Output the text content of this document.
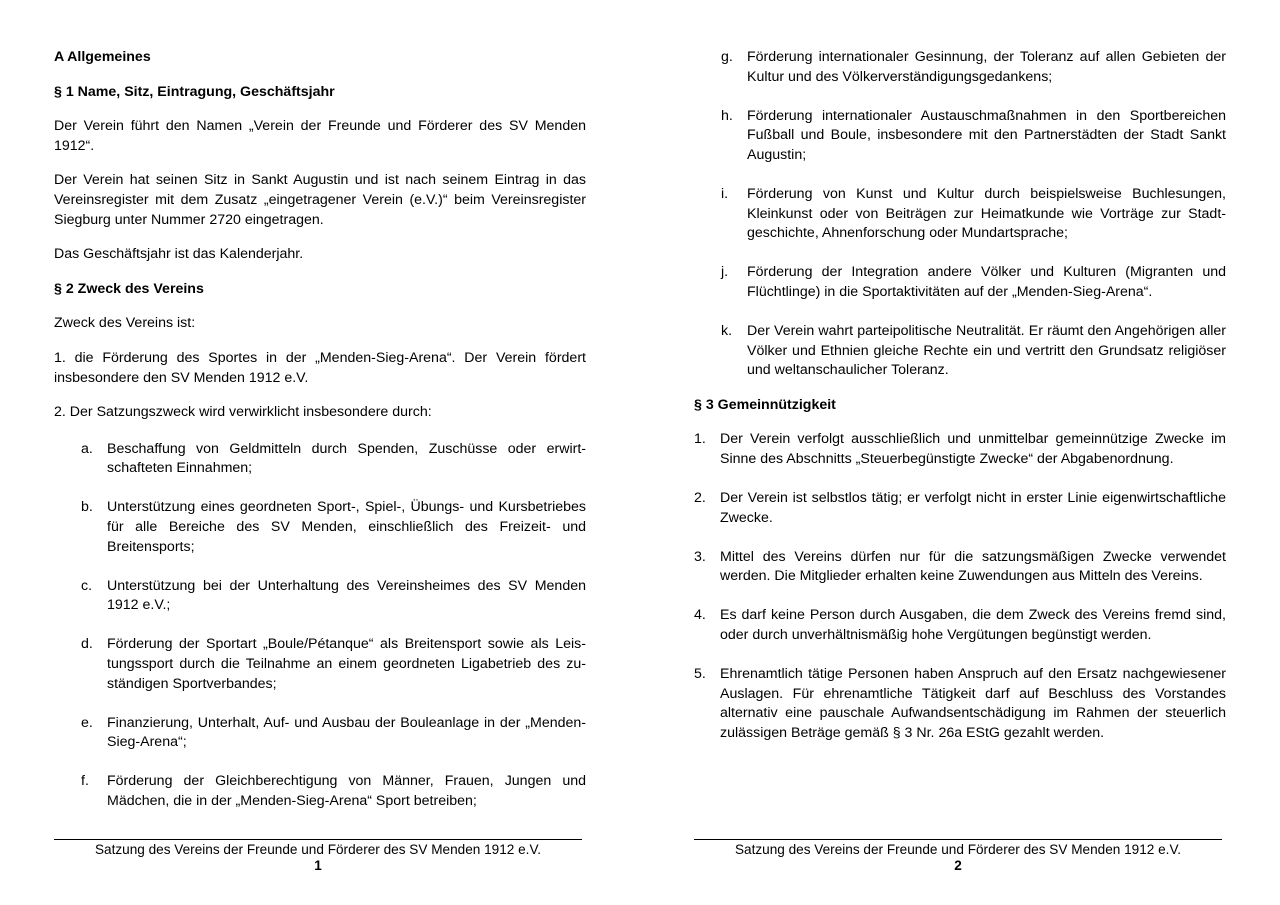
A Allgemeines
§ 1 Name, Sitz, Eintragung, Geschäftsjahr

Der Verein führt den Namen „Verein der Freunde und Förderer des SV Menden 1912“.

Der Verein hat seinen Sitz in Sankt Augustin und ist nach seinem Eintrag in das Vereinsregister mit dem Zusatz „eingetragener Verein (e.V.)“ beim Vereinsregister Siegburg unter Nummer 2720 eingetragen.

Das Geschäftsjahr ist das Kalenderjahr.

§ 2 Zweck des Vereins

Zweck des Vereins ist:

1. die Förderung des Sportes in der „Menden-Sieg-Arena“. Der Verein fördert insbesondere den SV Menden 1912 e.V.

2. Der Satzungszweck wird verwirklicht insbesondere durch:

a. Beschaffung von Geldmitteln durch Spenden, Zuschüsse oder erwirtschafteten Einnahmen;
b. Unterstützung eines geordneten Sport-, Spiel-, Übungs- und Kursbetriebes für alle Bereiche des SV Menden, einschließlich des Freizeit- und Breitensports;
c. Unterstützung bei der Unterhaltung des Vereinsheimes des SV Menden 1912 e.V.;
d. Förderung der Sportart „Boule/Pétanque“ als Breitensport sowie als Leistungssport durch die Teilnahme an einem geordneten Ligabetrieb des zuständigen Sportverbandes;
e. Finanzierung, Unterhalt, Auf- und Ausbau der Bouleanlage in der „Menden-Sieg-Arena“;
f. Förderung der Gleichberechtigung von Männer, Frauen, Jungen und Mädchen, die in der „Menden-Sieg-Arena“ Sport betreiben;
Satzung des Vereins der Freunde und Förderer des SV Menden 1912 e.V.
1
g. Förderung internationaler Gesinnung, der Toleranz auf allen Gebieten der Kultur und des Völkerverständigungsgedankens;
h. Förderung internationaler Austauschmaßnahmen in den Sportbereichen Fußball und Boule, insbesondere mit den Partnerstädten der Stadt Sankt Augustin;
i. Förderung von Kunst und Kultur durch beispielsweise Buchlesungen, Kleinkunst oder von Beiträgen zur Heimatkunde wie Vorträge zur Stadtgeschichte, Ahnenforschung oder Mundartsprache;
j. Förderung der Integration andere Völker und Kulturen (Migranten und Flüchtlinge) in die Sportaktivitäten auf der „Menden-Sieg-Arena“.
k. Der Verein wahrt parteipolitische Neutralität. Er räumt den Angehörigen aller Völker und Ethnien gleiche Rechte ein und vertritt den Grundsatz religiöser und weltanschaulicher Toleranz.
§ 3 Gemeinnützigkeit
1. Der Verein verfolgt ausschließlich und unmittelbar gemeinnützige Zwecke im Sinne des Abschnitts „Steuerbegünstigte Zwecke“ der Abgabenordnung.
2. Der Verein ist selbstlos tätig; er verfolgt nicht in erster Linie eigenwirtschaftliche Zwecke.
3. Mittel des Vereins dürfen nur für die satzungsmäßigen Zwecke verwendet werden. Die Mitglieder erhalten keine Zuwendungen aus Mitteln des Vereins.
4. Es darf keine Person durch Ausgaben, die dem Zweck des Vereins fremd sind, oder durch unverhältnismäßig hohe Vergütungen begünstigt werden.
5. Ehrenamtlich tätige Personen haben Anspruch auf den Ersatz nachgewiesener Auslagen. Für ehrenamtliche Tätigkeit darf auf Beschluss des Vorstandes alternativ eine pauschale Aufwandsentschädigung im Rahmen der steuerlich zulässigen Beträge gemäß § 3 Nr. 26a EStG gezahlt werden.
Satzung des Vereins der Freunde und Förderer des SV Menden 1912 e.V.
2
